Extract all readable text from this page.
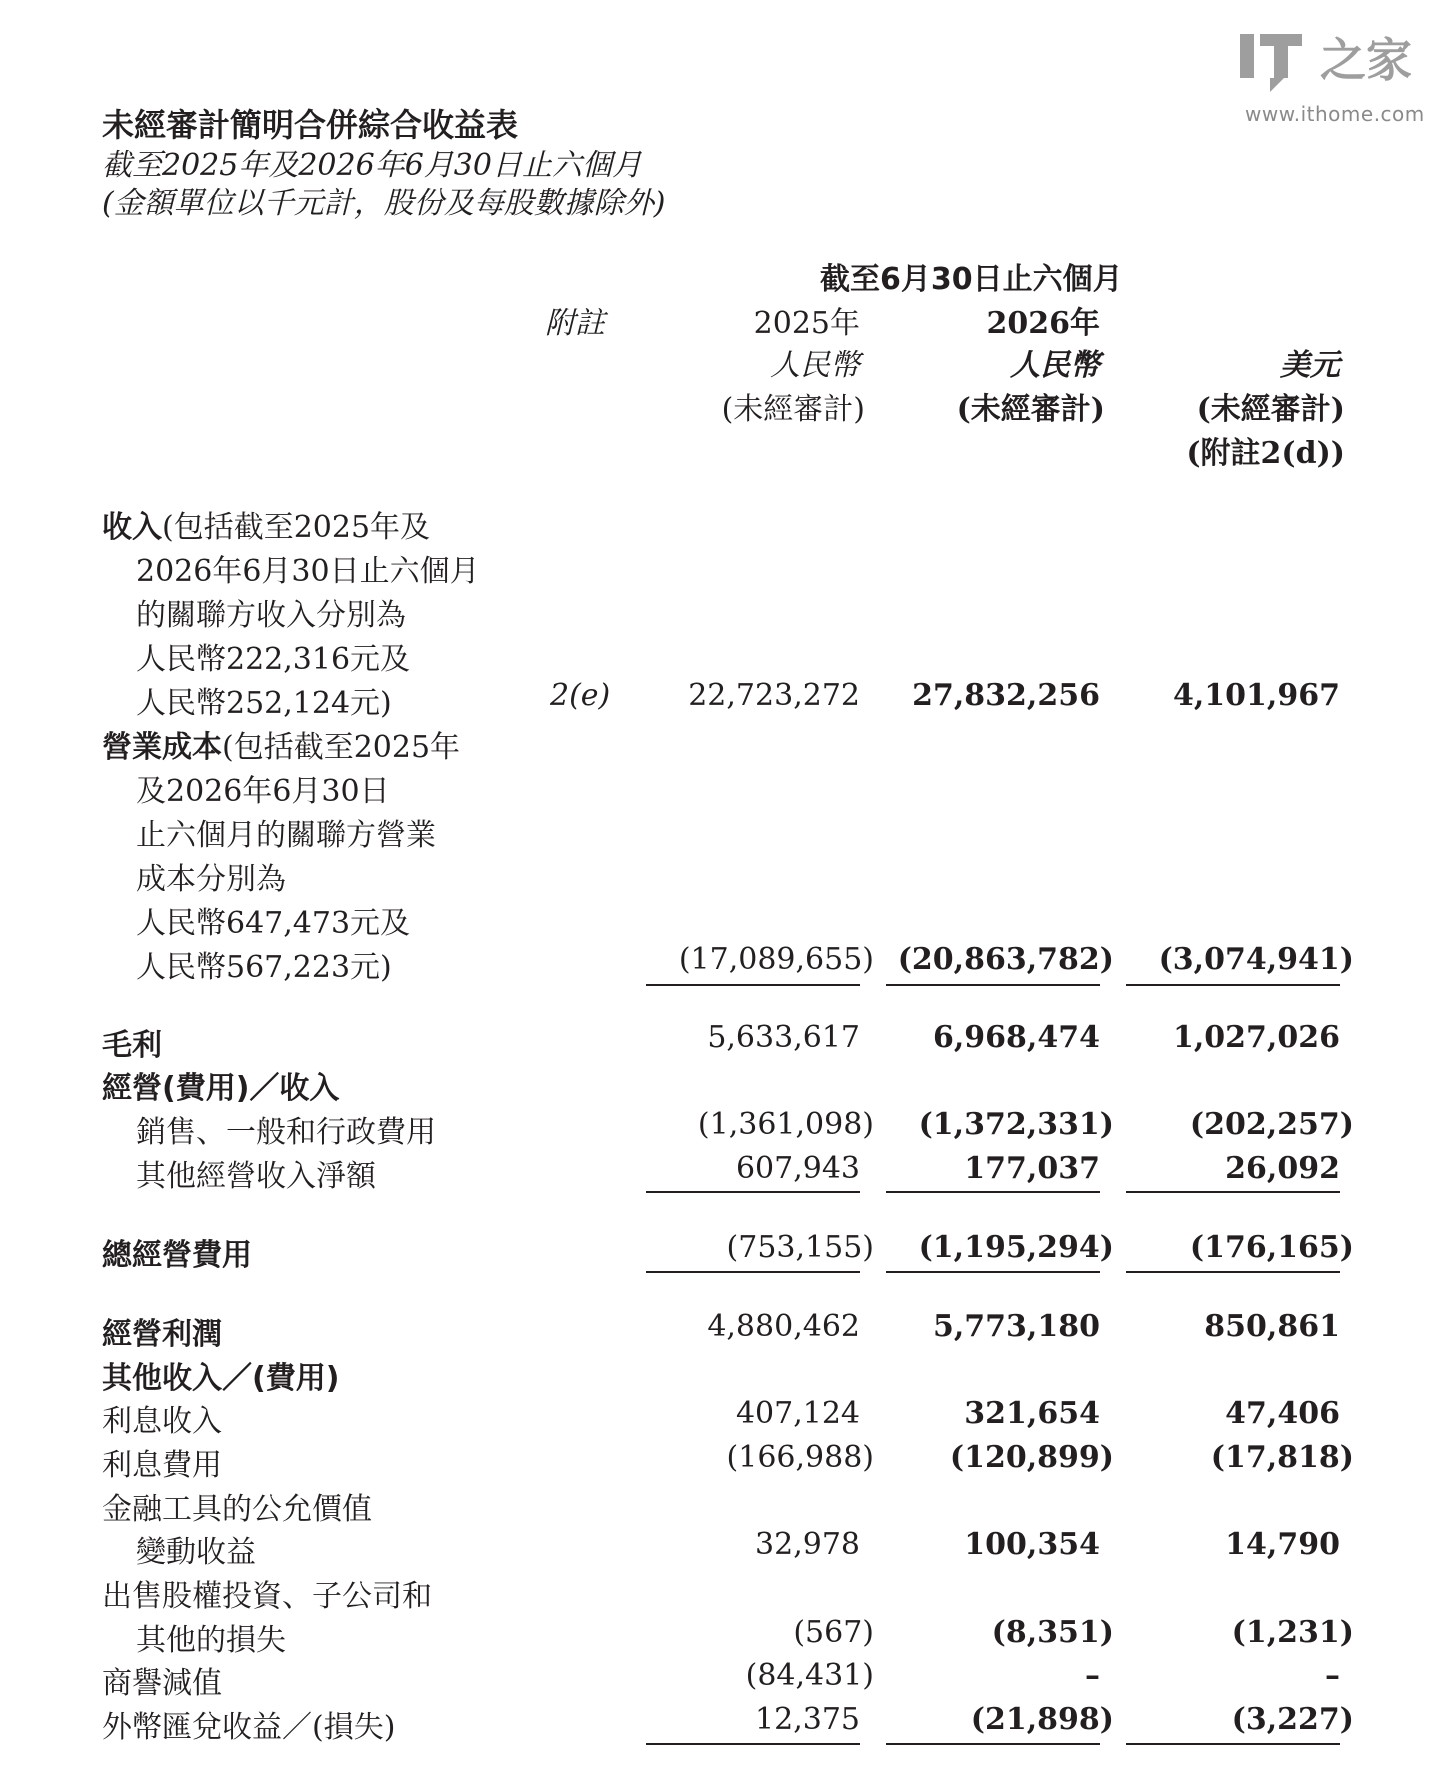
之家
www.ithome.com
未經審計簡明合併綜合收益表
截至2025年及2026年6月30日止六個月
(金額單位以千元計，股份及每股數據除外)
截至6月30日止六個月
附註	2025年	2026年
人民幣	人民幣	美元
(未經審計)	(未經審計)	(未經審計)
(附註2(d))
收入(包括截至2025年及
2026年6月30日止六個月
的關聯方收入分別為
人民幣222,316元及
人民幣252,124元)	2(e)	22,723,272 27,832,256 4,101,967
營業成本(包括截至2025年
及2026年6月30日
止六個月的關聯方營業
成本分別為
人民幣647,473元及
人民幣567,223元)	(17,089,655) (20,863,782) (3,074,941)
毛利	5,633,617 6,968,474 1,027,026
經營(費用)／收入
銷售、一般和行政費用	(1,361,098) (1,372,331)	(202,257)
其他經營收入淨額	607,943	177,037	26,092
總經營費用	(753,155) (1,195,294)	(176,165)
經營利潤	4,880,462 5,773,180	850,861
其他收入／(費用)
利息收入	407,124	321,654	47,406
利息費用	(166,988)	(120,899)	(17,818)
金融工具的公允價值
變動收益	32,978	100,354	14,790
出售股權投資、子公司和
其他的損失	(567)	(8,351)	(1,231)
商譽減值	(84,431)	–	–
外幣匯兌收益／(損失)	12,375	(21,898)	(3,227)
